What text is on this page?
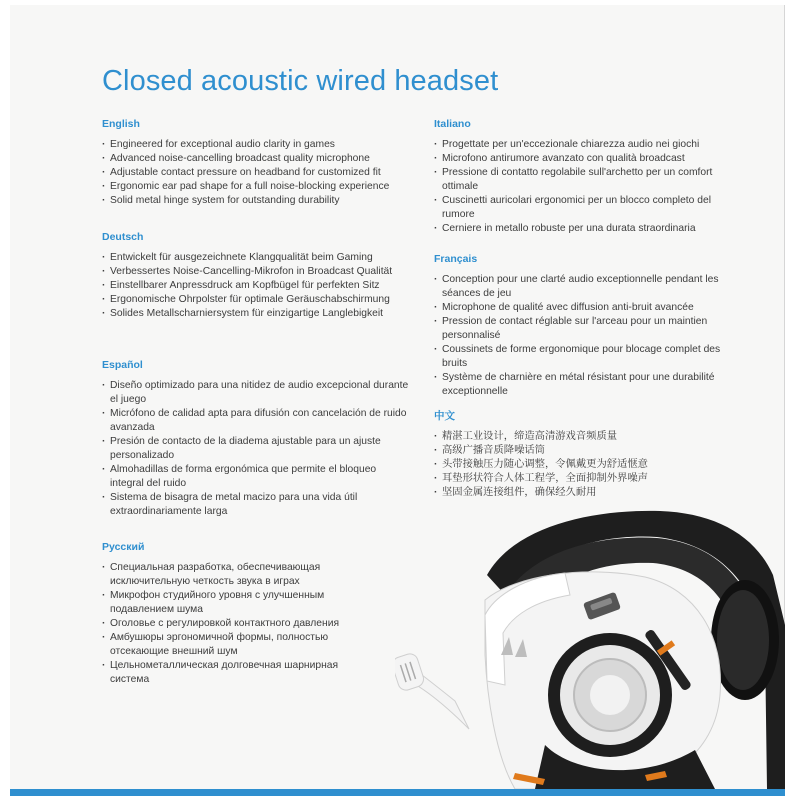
Closed acoustic wired headset
English
· Engineered for exceptional audio clarity in games
· Advanced noise-cancelling broadcast quality microphone
· Adjustable contact pressure on headband for customized fit
· Ergonomic ear pad shape for a full noise-blocking experience
· Solid metal hinge system for outstanding durability
Deutsch
· Entwickelt für ausgezeichnete Klangqualität beim Gaming
· Verbessertes Noise-Cancelling-Mikrofon in Broadcast Qualität
· Einstellbarer Anpressdruck am Kopfbügel für perfekten Sitz
· Ergonomische Ohrpolster für optimale Geräuschabschirmung
· Solides Metallscharniersystem für einzigartige Langlebigkeit
Español
· Diseño optimizado para una nitidez de audio excepcional durante el juego
· Micrófono de calidad apta para difusión con cancelación de ruido avanzada
· Presión de contacto de la diadema ajustable para un ajuste personalizado
· Almohadillas de forma ergonómica que permite el bloqueo integral del ruido
· Sistema de bisagra de metal macizo para una vida útil extraordinariamente larga
Русский
· Специальная разработка, обеспечивающая исключительную четкость звука в играх
· Микрофон студийного уровня с улучшенным подавлением шума
· Оголовье с регулировкой контактного давления
· Амбушюры эргономичной формы, полностью отсекающие внешний шум
· Цельнометаллическая долговечная шарнирная система
Italiano
· Progettate per un'eccezionale chiarezza audio nei giochi
· Microfono antirumore avanzato con qualità broadcast
· Pressione di contatto regolabile sull'archetto per un comfort ottimale
· Cuscinetti auricolari ergonomici per un blocco completo del rumore
· Cerniere in metallo robuste per una durata straordinaria
Français
· Conception pour une clarté audio exceptionnelle pendant les séances de jeu
· Microphone de qualité avec diffusion anti-bruit avancée
· Pression de contact réglable sur l'arceau pour un maintien personnalisé
· Coussinets de forme ergonomique pour blocage complet des bruits
· Système de charnière en métal résistant pour une durabilité exceptionnelle
中文
· 精湛工业设计，缔造高清游戏音频质量
· 高级广播音质降噪话筒
· 头带接触压力随心调整，令佩戴更为舒适惬意
· 耳垫形状符合人体工程学，全面抑制外界噪声
· 坚固金属连接组件，确保经久耐用
